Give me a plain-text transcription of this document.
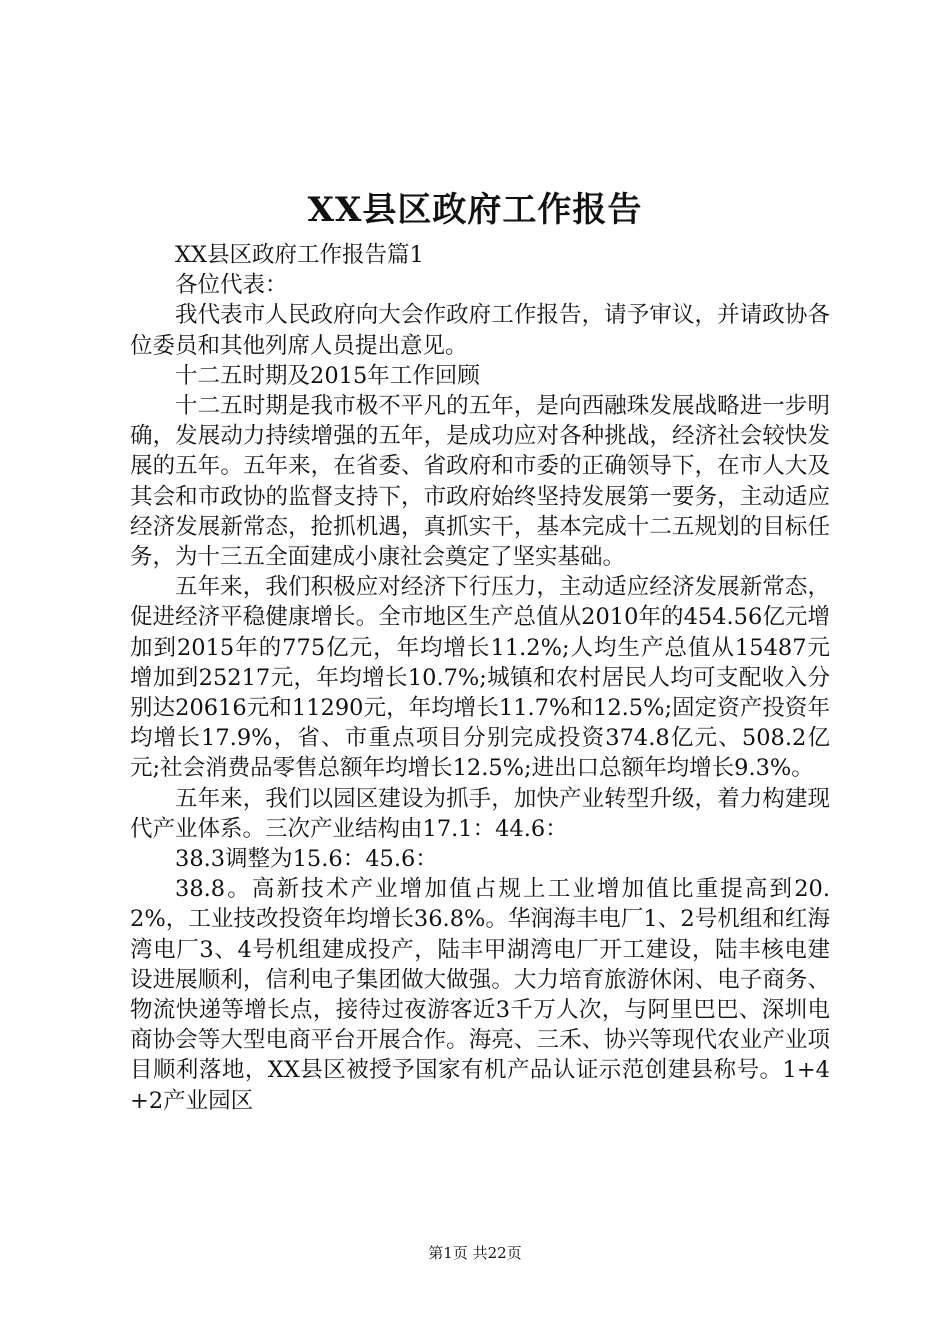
XX县区政府工作报告

XX县区政府工作报告篇1

各位代表：

我代表市人民政府向大会作政府工作报告，请予审议，并请政协各位委员和其他列席人员提出意见。

十二五时期及2015年工作回顾

十二五时期是我市极不平凡的五年，是向西融珠发展战略进一步明确，发展动力持续增强的五年，是成功应对各种挑战，经济社会较快发展的五年。五年来，在省委、省政府和市委的正确领导下，在市人大及其会和市政协的监督支持下，市政府始终坚持发展第一要务，主动适应经济发展新常态，抢抓机遇，真抓实干，基本完成十二五规划的目标任务，为十三五全面建成小康社会奠定了坚实基础。

五年来，我们积极应对经济下行压力，主动适应经济发展新常态，促进经济平稳健康增长。全市地区生产总值从2010年的454.56亿元增加到2015年的775亿元，年均增长11.2%;人均生产总值从15487元增加到25217元，年均增长10.7%;城镇和农村居民人均可支配收入分别达20616元和11290元，年均增长11.7%和12.5%;固定资产投资年均增长17.9%，省、市重点项目分别完成投资374.8亿元、508.2亿元;社会消费品零售总额年均增长12.5%;进出口总额年均增长9.3%。

五年来，我们以园区建设为抓手，加快产业转型升级，着力构建现代产业体系。三次产业结构由17.1：44.6：

38.3调整为15.6：45.6：

38.8。高新技术产业增加值占规上工业增加值比重提高到20.2%，工业技改投资年均增长36.8%。华润海丰电厂1、2号机组和红海湾电厂3、4号机组建成投产，陆丰甲湖湾电厂开工建设，陆丰核电建设进展顺利，信利电子集团做大做强。大力培育旅游休闲、电子商务、物流快递等增长点，接待过夜游客近3千万人次，与阿里巴巴、深圳电商协会等大型电商平台开展合作。海亮、三禾、协兴等现代农业产业项目顺利落地，XX县区被授予国家有机产品认证示范创建县称号。1+4+2产业园区

第1页 共22页
